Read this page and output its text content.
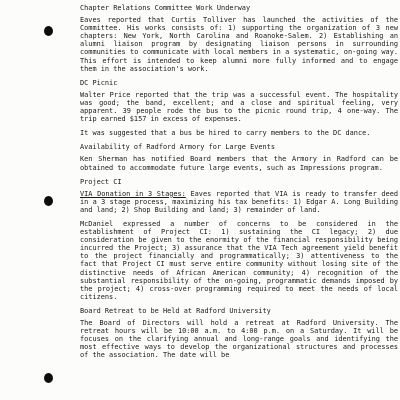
Chapter Relations Committee Work Underway

Eaves reported that Curtis Tolliver has launched the activities of the Committee. His works consists of: 1) supporting the organization of 3 new chapters: New York, North Carolina and Roanoke-Salem. 2) Establishing an alumni liaison program by designating liaison persons in surrounding communities to communicate with local members in a systematic, on-going way. This effort is intended to keep alumni more fully informed and to engage them in the association's work.

DC Picnic

Walter Price reported that the trip was a successful event. The hospitality was good; the band, excellent; and a close and spiritual feeling, very apparent. 39 people rode the bus to the picnic round trip, 4 one-way. The trip earned $157 in excess of expenses.

It was suggested that a bus be hired to carry members to the DC dance.

Availability of Radford Armory for Large Events

Ken Sherman has notified Board members that the Armory in Radford can be obtained to accommodate future large events, such as Impressions program.

Project CI

VIA Donation in 3 Stages: Eaves reported that VIA is ready to transfer deed in a 3 stage process, maximizing his tax benefits: 1) Edgar A. Long Building and land; 2) Shop Building and land; 3) remainder of land.

McDaniel expressed a number of concerns to be considered in the establishment of Project CI: 1) sustaining the CI legacy; 2) due consideration be given to the enormity of the financial responsibility being incurred the Project; 3) assurance that the VIA Tech agreement yield benefit to the project financially and programmatically; 3) attentiveness to the fact that Project CI must serve entire community without losing site of the distinctive needs of African American community; 4) recognition of the substantial responsibility of the on-going, programmatic demands imposed by the project; 4) cross-over programming required to meet the needs of local citizens.

Board Retreat to be Held at Radford University

The Board of Directors will hold a retreat at Radford University. The retreat hours will be 10:00 a.m. to 4:00 p.m. on a Saturday. It will be focuses on the clarifying annual and long-range goals and identifying the most effective ways to develop the organizational structures and processes of the association. The date will be
